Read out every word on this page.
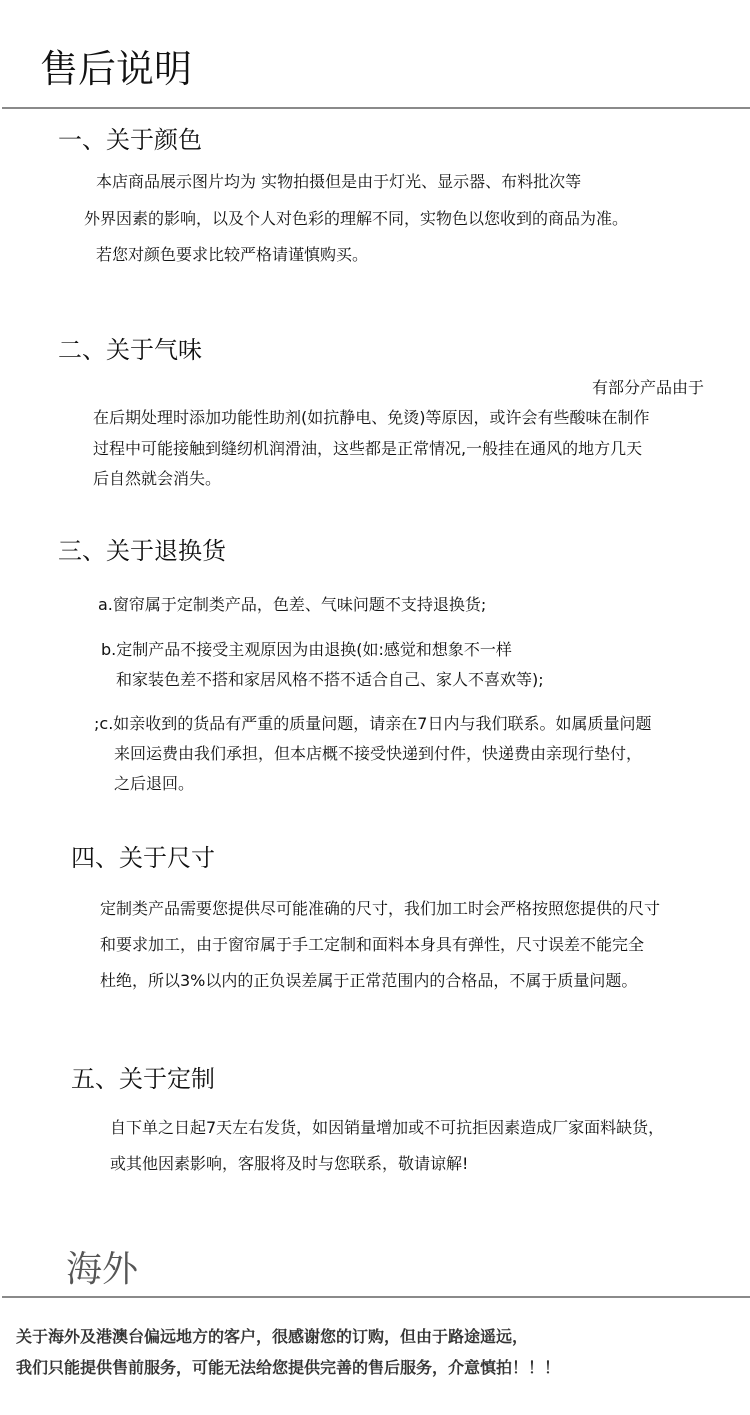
售后说明
一、关于颜色
本店商品展示图片均为 实物拍摄但是由于灯光、显示器、布料批次等
外界因素的影响，以及个人对色彩的理解不同，实物色以您收到的商品为准。
若您对颜色要求比较严格请谨慎购买。
二、关于气味
有部分产品由于
在后期处理时添加功能性助剂(如抗静电、免烫)等原因，或许会有些酸味在制作
过程中可能接触到缝纫机润滑油，这些都是正常情况,一般挂在通风的地方几天
后自然就会消失。
三、关于退换货
a.窗帘属于定制类产品，色差、气味问题不支持退换货;
b.定制产品不接受主观原因为由退换(如:感觉和想象不一样
和家装色差不搭和家居风格不搭不适合自己、家人不喜欢等);
;c.如亲收到的货品有严重的质量问题，请亲在7日内与我们联系。如属质量问题
来回运费由我们承担，但本店概不接受快递到付件，快递费由亲现行垫付，
之后退回。
四、关于尺寸
定制类产品需要您提供尽可能准确的尺寸，我们加工时会严格按照您提供的尺寸
和要求加工，由于窗帘属于手工定制和面料本身具有弹性，尺寸误差不能完全
杜绝，所以3%以内的正负误差属于正常范围内的合格品，不属于质量问题。
五、关于定制
自下单之日起7天左右发货，如因销量增加或不可抗拒因素造成厂家面料缺货，
或其他因素影响，客服将及时与您联系，敬请谅解!
海外
关于海外及港澳台偏远地方的客户，很感谢您的订购，但由于路途遥远，
我们只能提供售前服务，可能无法给您提供完善的售后服务，介意慎拍！！！
